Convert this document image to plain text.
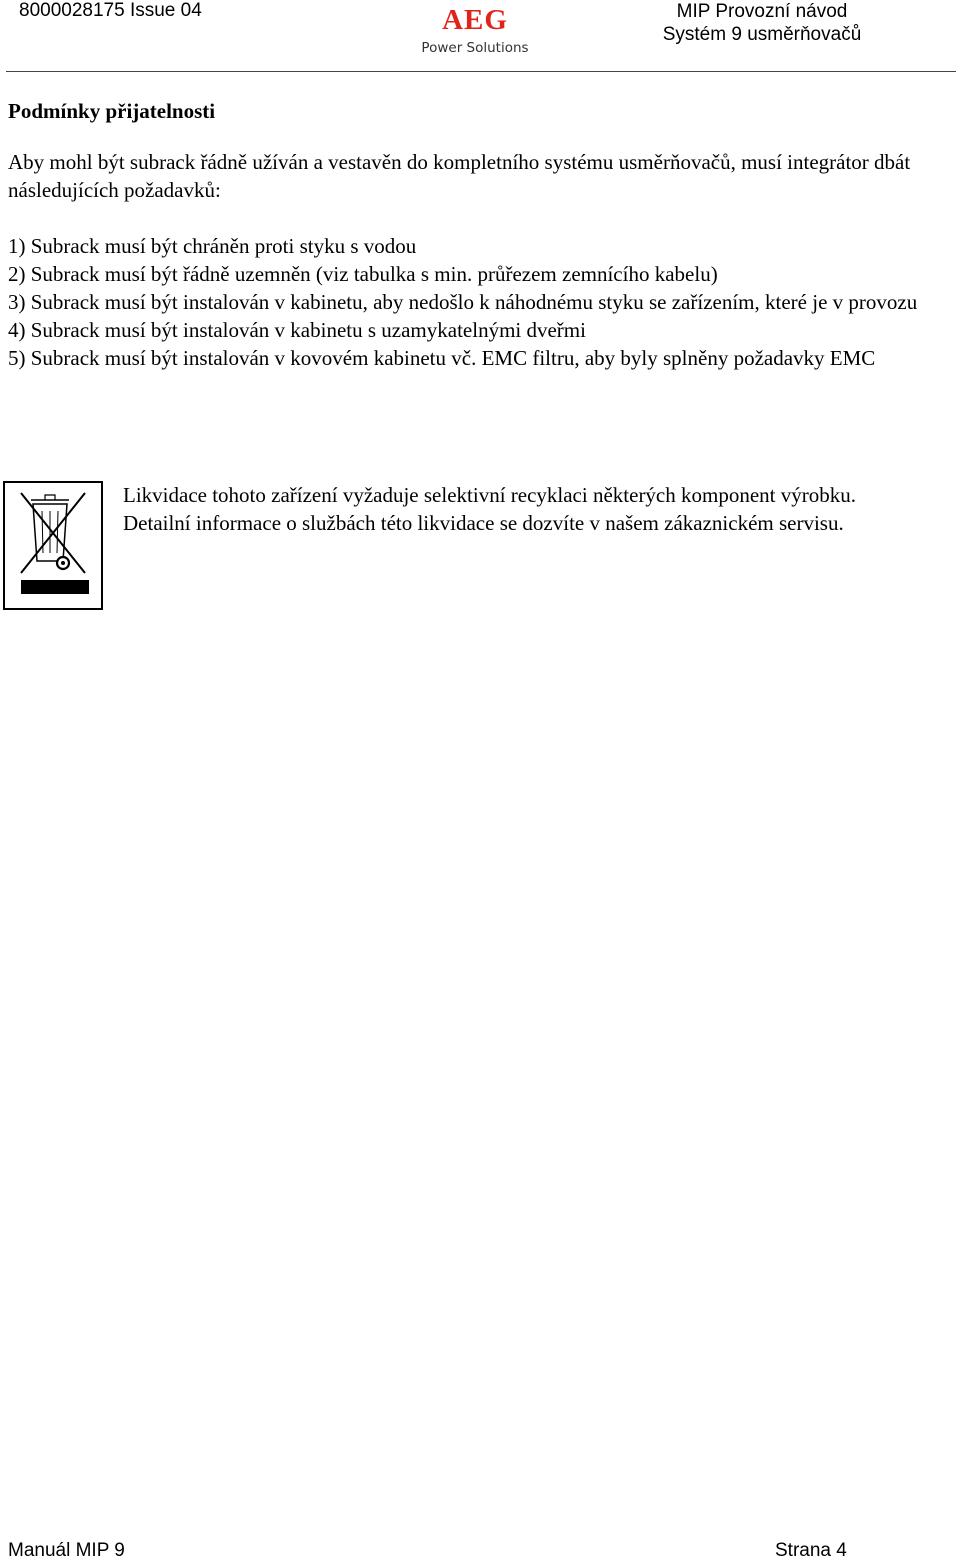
8000028175 Issue 04	AEG
Power Solutions
MIP Provozní návod
Systém 9 usměrňovačů
Podmínky přijatelnosti
Aby mohl být subrack řádně užíván a vestavěn do kompletního systému usměrňovačů, musí integrátor dbát následujících požadavků:
1) Subrack musí být chráněn proti styku s vodou
2) Subrack musí být řádně uzemněn (viz tabulka s min. průřezem zemnícího kabelu)
3) Subrack musí být instalován v kabinetu, aby nedošlo k náhodnému styku se zařízením, které je v provozu
4) Subrack musí být instalován v kabinetu s uzamykatelnými dveřmi
5) Subrack musí být instalován v kovovém kabinetu vč. EMC filtru, aby byly splněny požadavky EMC
Likvidace tohoto zařízení vyžaduje selektivní recyklaci některých komponent výrobku. Detailní informace o službách této likvidace se dozvíte v našem zákaznickém servisu.
Manuál MIP 9	Strana 4
